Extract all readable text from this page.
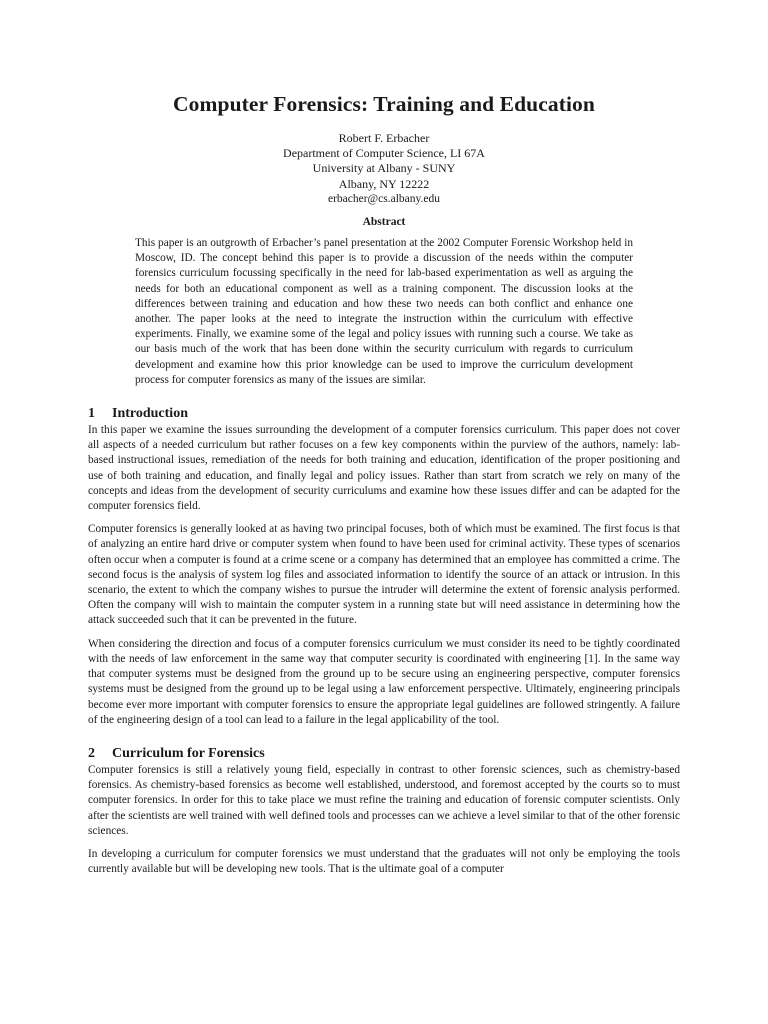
Computer Forensics: Training and Education
Robert F. Erbacher
Department of Computer Science, LI 67A
University at Albany - SUNY
Albany, NY 12222
erbacher@cs.albany.edu
Abstract

This paper is an outgrowth of Erbacher’s panel presentation at the 2002 Computer Forensic Workshop held in Moscow, ID. The concept behind this paper is to provide a discussion of the needs within the computer forensics curriculum focussing specifically in the need for lab-based experimentation as well as arguing the needs for both an educational component as well as a training component. The discussion looks at the differences between training and education and how these two needs can both conflict and enhance one another. The paper looks at the need to integrate the instruction within the curriculum with effective experiments. Finally, we examine some of the legal and policy issues with running such a course. We take as our basis much of the work that has been done within the security curriculum with regards to curriculum development and examine how this prior knowledge can be used to improve the curriculum development process for computer forensics as many of the issues are similar.

1 Introduction

In this paper we examine the issues surrounding the development of a computer forensics curriculum. This paper does not cover all aspects of a needed curriculum but rather focuses on a few key components within the purview of the authors, namely: lab-based instructional issues, remediation of the needs for both training and education, identification of the proper positioning and use of both training and education, and finally legal and policy issues. Rather than start from scratch we rely on many of the concepts and ideas from the development of security curriculums and examine how these issues differ and can be adapted for the computer forensics field.

Computer forensics is generally looked at as having two principal focuses, both of which must be examined. The first focus is that of analyzing an entire hard drive or computer system when found to have been used for criminal activity. These types of scenarios often occur when a computer is found at a crime scene or a company has determined that an employee has committed a crime. The second focus is the analysis of system log files and associated information to identify the source of an attack or intrusion. In this scenario, the extent to which the company wishes to pursue the intruder will determine the extent of forensic analysis performed. Often the company will wish to maintain the computer system in a running state but will need assistance in determining how the attack succeeded such that it can be prevented in the future.

When considering the direction and focus of a computer forensics curriculum we must consider its need to be tightly coordinated with the needs of law enforcement in the same way that computer security is coordinated with engineering [1]. In the same way that computer systems must be designed from the ground up to be secure using an engineering perspective, computer forensics systems must be designed from the ground up to be legal using a law enforcement perspective. Ultimately, engineering principals become ever more important with computer forensics to ensure the appropriate legal guidelines are followed stringently. A failure of the engineering design of a tool can lead to a failure in the legal applicability of the tool.

2 Curriculum for Forensics

Computer forensics is still a relatively young field, especially in contrast to other forensic sciences, such as chemistry-based forensics. As chemistry-based forensics as become well established, understood, and foremost accepted by the courts so to must computer forensics. In order for this to take place we must refine the training and education of forensic computer scientists. Only after the scientists are well trained with well defined tools and processes can we achieve a level similar to that of the other forensic sciences.

In developing a curriculum for computer forensics we must understand that the graduates will not only be employing the tools currently available but will be developing new tools. That is the ultimate goal of a computer
